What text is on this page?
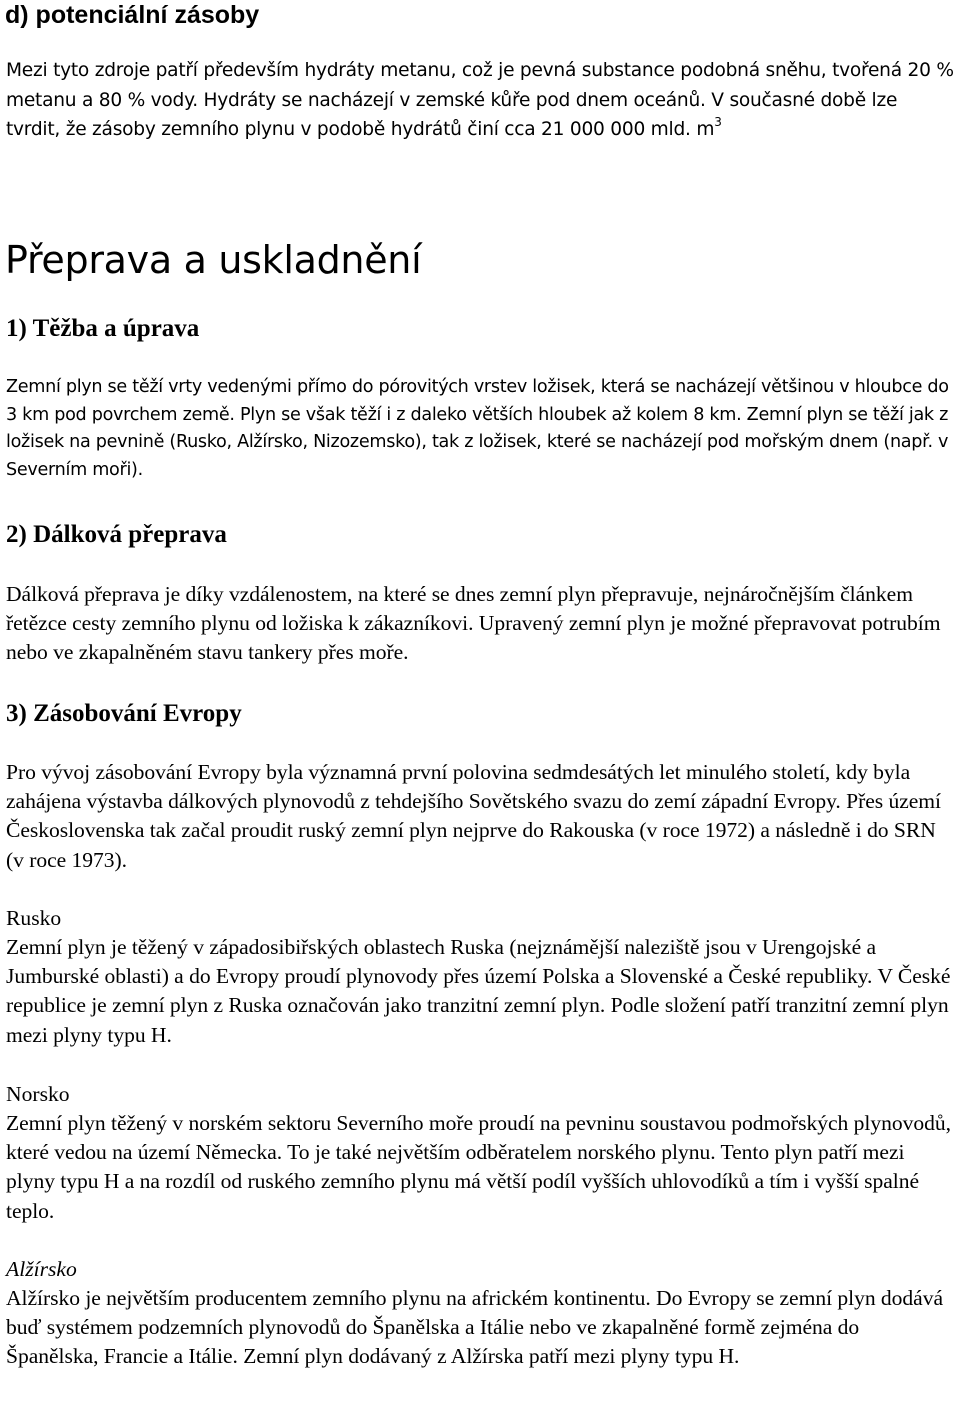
d) potenciální zásoby

Mezi tyto zdroje patří především hydráty metanu, což je pevná substance podobná sněhu, tvořená 20 % metanu a 80 % vody. Hydráty se nacházejí v zemské kůře pod dnem oceánů. V současné době lze tvrdit, že zásoby zemního plynu v podobě hydrátů činí cca 21 000 000 mld. $m^3$

Přeprava a uskladnění
1) Těžba a úprava

Zemní plyn se těží vrty vedenými přímo do pórovitých vrstev ložisek, která se nacházejí většinou v hloubce do 3 km pod povrchem země. Plyn se však těží i z daleko větších hloubek až kolem 8 km. Zemní plyn se těží jak z ložisek na pevnině (Rusko, Alžírsko, Nizozemsko), tak z ložisek, které se nacházejí pod mořským dnem (např. v Severním moři).

2) Dálková přeprava

Dálková přeprava je díky vzdálenostem, na které se dnes zemní plyn přepravuje, nejnáročnějším článkem řetězce cesty zemního plynu od ložiska k zákazníkovi. Upravený zemní plyn je možné přepravovat potrubím nebo ve zkapalněném stavu tankery přes moře.

3) Zásobování Evropy

Pro vývoj zásobování Evropy byla významná první polovina sedmdesátých let minulého století, kdy byla zahájena výstavba dálkových plynovodů z tehdejšího Sovětského svazu do zemí západní Evropy. Přes území Československa tak začal proudit ruský zemní plyn nejprve do Rakouska (v roce 1972) a následně i do SRN (v roce 1973).

Rusko

Zemní plyn je těžený v západosibiřských oblastech Ruska (nejznámější naleziště jsou v Urengojské a Jumburské oblasti) a do Evropy proudí plynovody přes území Polska a Slovenské a České republiky. V České republice je zemní plyn z Ruska označován jako tranzitní zemní plyn. Podle složení patří tranzitní zemní plyn mezi plyny typu H.

Norsko

Zemní plyn těžený v norském sektoru Severního moře proudí na pevninu soustavou podmořských plynovodů, které vedou na území Německa. To je také největším odběratelem norského plynu. Tento plyn patří mezi plyny typu H a na rozdíl od ruského zemního plynu má větší podíl vyšších uhlovodíků a tím i vyšší spalné teplo.

Alžírsko

Alžírsko je největším producentem zemního plynu na africkém kontinentu. Do Evropy se zemní plyn dodává buď systémem podzemních plynovodů do Španělska a Itálie nebo ve zkapalněné formě zejména do Španělska, Francie a Itálie. Zemní plyn dodávaný z Alžírska patří mezi plyny typu H.
